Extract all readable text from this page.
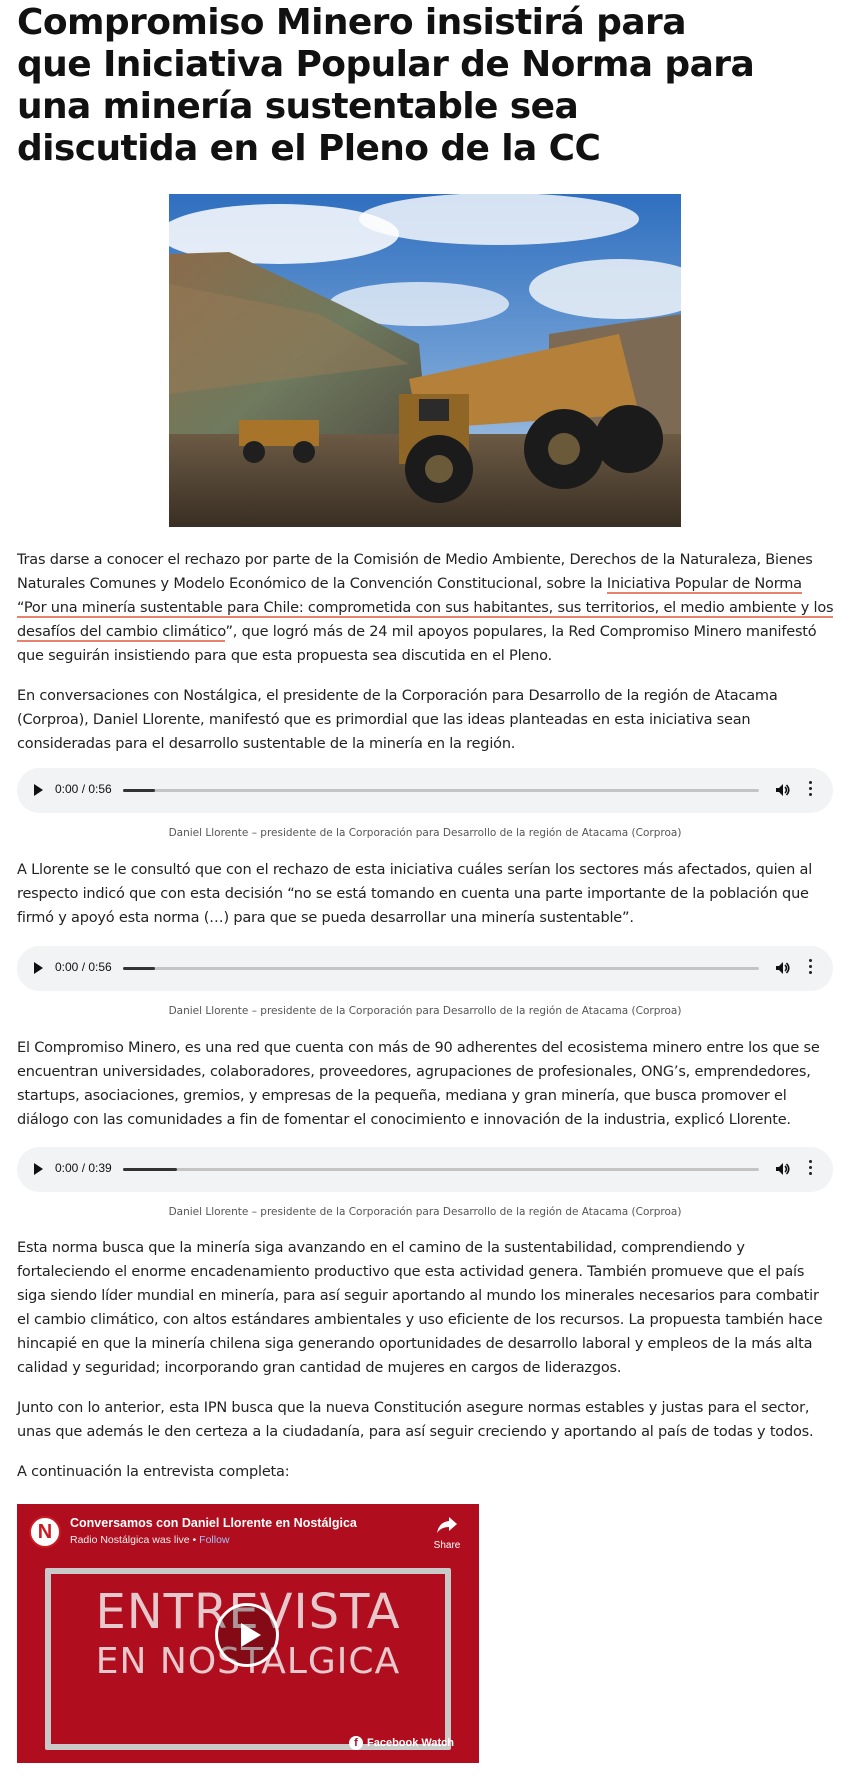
Compromiso Minero insistirá para que Iniciativa Popular de Norma para una minería sustentable sea discutida en el Pleno de la CC

Tras darse a conocer el rechazo por parte de la Comisión de Medio Ambiente, Derechos de la Naturaleza, Bienes Naturales Comunes y Modelo Económico de la Convención Constitucional, sobre la Iniciativa Popular de Norma “Por una minería sustentable para Chile: comprometida con sus habitantes, sus territorios, el medio ambiente y los desafíos del cambio climático”, que logró más de 24 mil apoyos populares, la Red Compromiso Minero manifestó que seguirán insistiendo para que esta propuesta sea discutida en el Pleno.

En conversaciones con Nostálgica, el presidente de la Corporación para Desarrollo de la región de Atacama (Corproa), Daniel Llorente, manifestó que es primordial que las ideas planteadas en esta iniciativa sean consideradas para el desarrollo sustentable de la minería en la región.

0:00 / 0:56
Daniel Llorente – presidente de la Corporación para Desarrollo de la región de Atacama (Corproa)

A Llorente se le consultó que con el rechazo de esta iniciativa cuáles serían los sectores más afectados, quien al respecto indicó que con esta decisión “no se está tomando en cuenta una parte importante de la población que firmó y apoyó esta norma (…) para que se pueda desarrollar una minería sustentable”.

0:00 / 0:56
Daniel Llorente – presidente de la Corporación para Desarrollo de la región de Atacama (Corproa)

El Compromiso Minero, es una red que cuenta con más de 90 adherentes del ecosistema minero entre los que se encuentran universidades, colaboradores, proveedores, agrupaciones de profesionales, ONG’s, emprendedores, startups, asociaciones, gremios, y empresas de la pequeña, mediana y gran minería, que busca promover el diálogo con las comunidades a fin de fomentar el conocimiento e innovación de la industria, explicó Llorente.

0:00 / 0:39
Daniel Llorente – presidente de la Corporación para Desarrollo de la región de Atacama (Corproa)

Esta norma busca que la minería siga avanzando en el camino de la sustentabilidad, comprendiendo y fortaleciendo el enorme encadenamiento productivo que esta actividad genera. También promueve que el país siga siendo líder mundial en minería, para así seguir aportando al mundo los minerales necesarios para combatir el cambio climático, con altos estándares ambientales y uso eficiente de los recursos. La propuesta también hace hincapié en que la minería chilena siga generando oportunidades de desarrollo laboral y empleos de la más alta calidad y seguridad; incorporando gran cantidad de mujeres en cargos de liderazgos.

Junto con lo anterior, esta IPN busca que la nueva Constitución asegure normas estables y justas para el sector, unas que además le den certeza a la ciudadanía, para así seguir creciendo y aportando al país de todas y todos.

A continuación la entrevista completa:

ENTREVISTA
EN NOSTALGICA
N Conversamos con Daniel Llorente en Nostálgica
Radio Nostálgica was live • Follow	Share
f Facebook Watch
